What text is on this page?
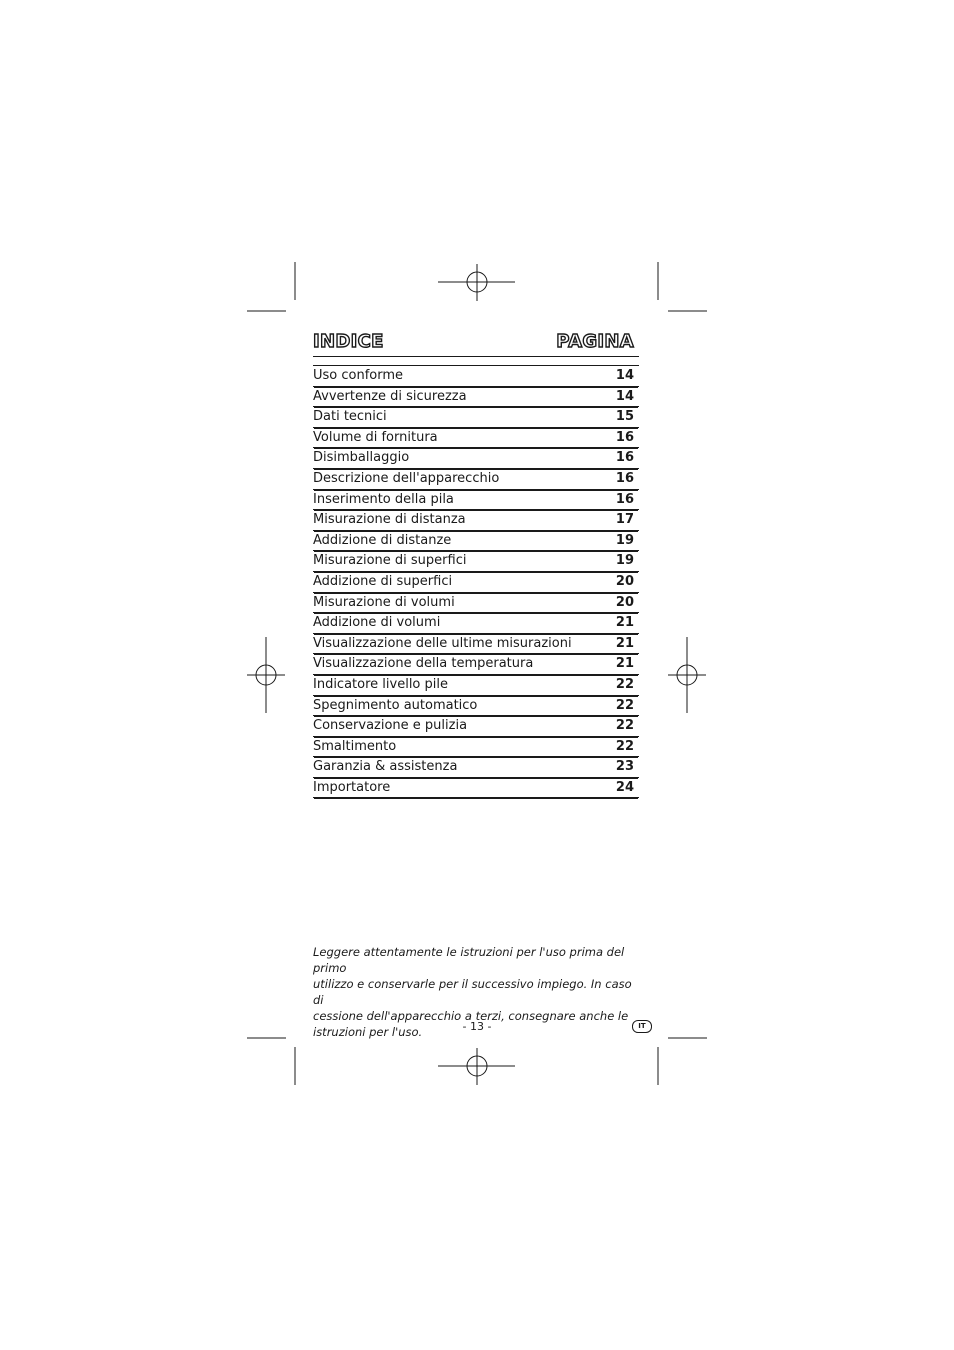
INDICE	PAGINA
Uso conforme	14
Avvertenze di sicurezza	14
Dati tecnici	15
Volume di fornitura	16
Disimballaggio	16
Descrizione dell'apparecchio	16
Inserimento della pila	16
Misurazione di distanza	17
Addizione di distanze	19
Misurazione di superfici	19
Addizione di superfici	20
Misurazione di volumi	20
Addizione di volumi	21
Visualizzazione delle ultime misurazioni	21
Visualizzazione della temperatura	21
Indicatore livello pile	22
Spegnimento automatico	22
Conservazione e pulizia	22
Smaltimento	22
Garanzia & assistenza	23
Importatore	24
Leggere attentamente le istruzioni per l'uso prima del primo
utilizzo e conservarle per il successivo impiego. In caso di
cessione dell'apparecchio a terzi, consegnare anche le
istruzioni per l'uso.	- 13 -	IT
